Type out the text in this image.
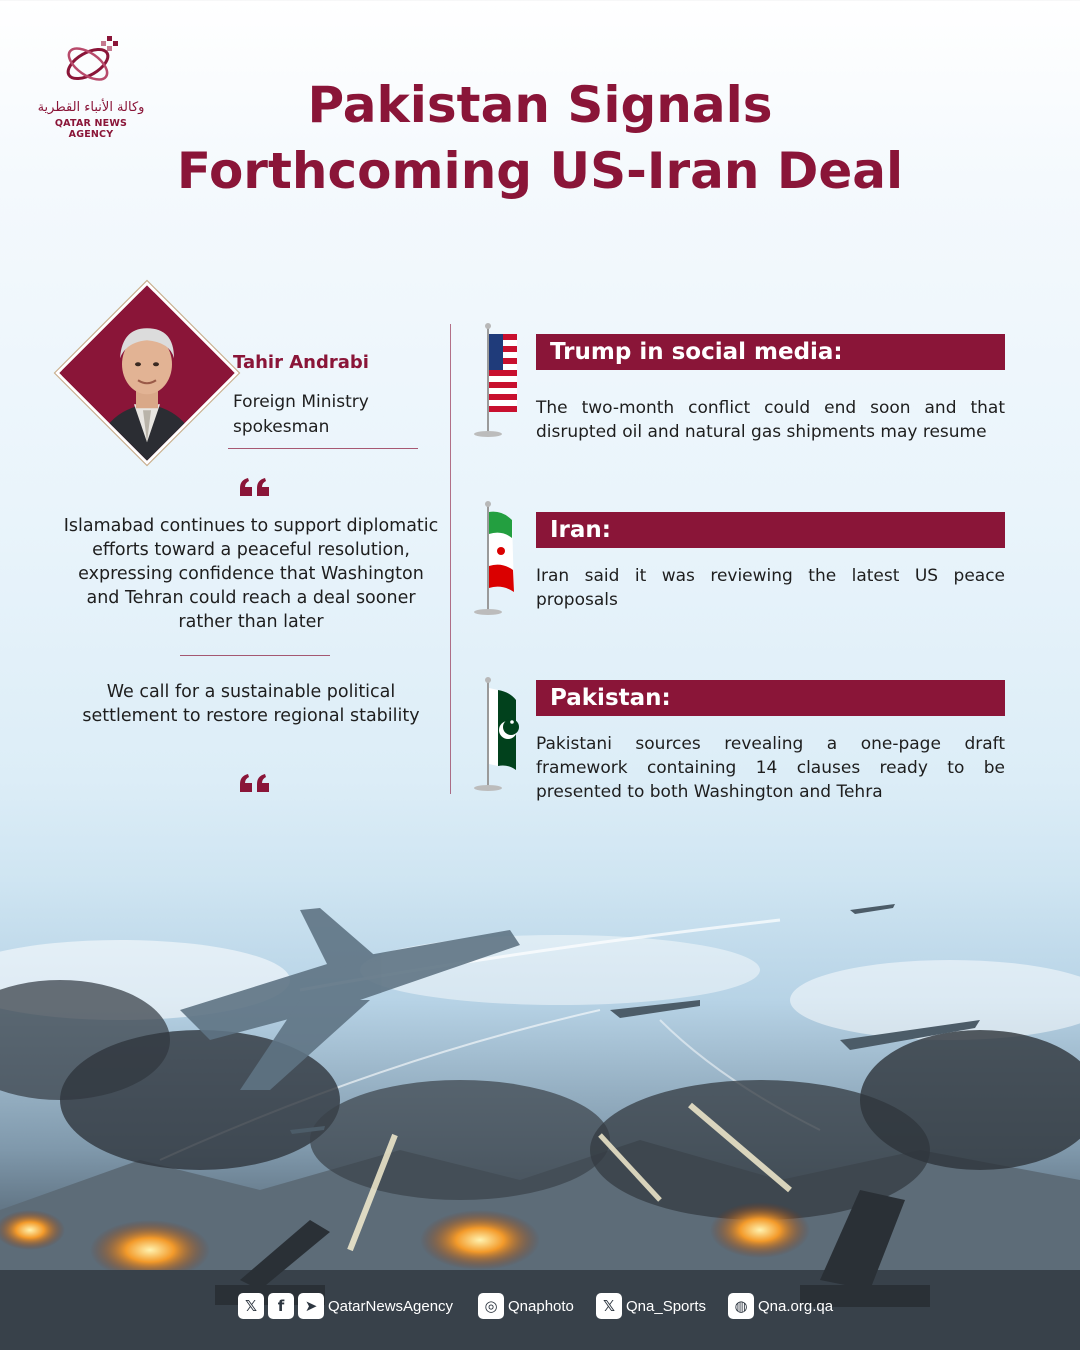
وكالة الأنباء القطرية
QATAR NEWS AGENCY
Pakistan Signals
Forthcoming US-Iran Deal
Tahir Andrabi
Foreign Ministry spokesman
Islamabad continues to support diplomatic efforts toward a peaceful resolution, expressing confidence that Washington and Tehran could reach a deal sooner rather than later
We call for a sustainable political settlement to restore regional stability
Trump in social media:
The two-month conflict could end soon and that disrupted oil and natural gas shipments may resume
Iran:
Iran said it was reviewing the latest US peace proposals
Pakistan:
Pakistani sources revealing a one-page draft framework containing 14 clauses ready to be presented to both Washington and Tehra
𝕏	f	➤ QatarNewsAgency	◎ Qnaphoto	𝕏 Qna_Sports	◍ Qna.org.qa
